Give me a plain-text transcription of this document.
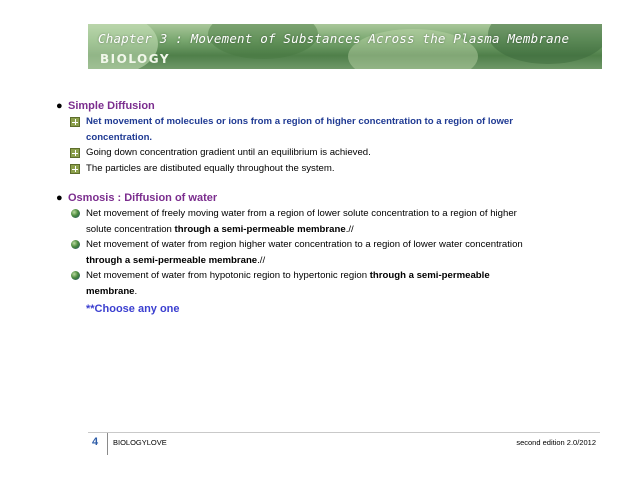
Chapter 3 : Movement of Substances Across the Plasma Membrane
BIOLOGY
● Simple Diffusion
Net movement of molecules or ions from a region of higher concentration to a region of lower
concentration.
Going down concentration gradient until an equilibrium is achieved.
The particles are distibuted equally throughout the system.
● Osmosis : Diffusion of water
Net movement of freely moving water from a region of lower solute concentration to a region of higher
solute concentration through a semi-permeable membrane.//
Net movement of water from region higher water concentration to a region of lower water concentration
through a semi-permeable membrane.//
Net movement of water from hypotonic region to hypertonic region through a semi-permeable
membrane.
**Choose any one
4 BIOLOGYLOVE	second edition 2.0/2012
